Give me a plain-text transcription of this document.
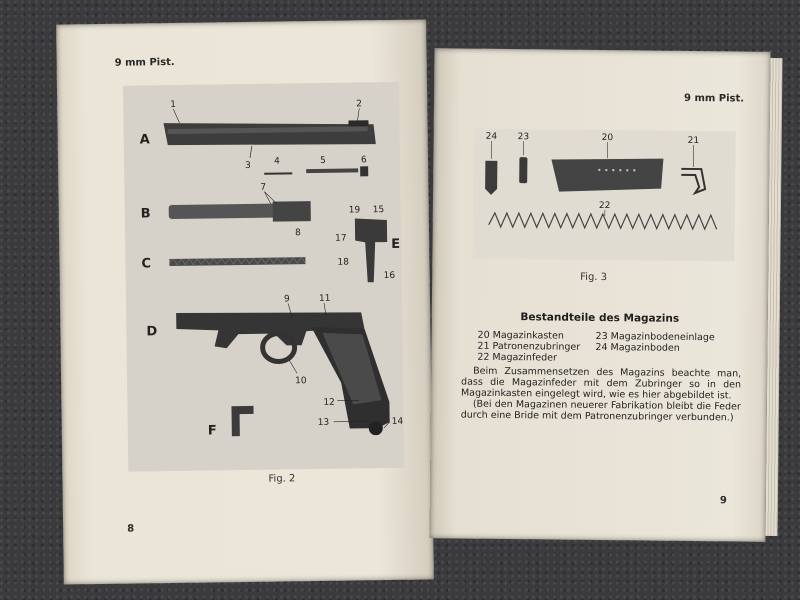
9 mm Pist.
A
B
C
D
E
F
1	2
3	4	5	6
7
8
9
10
11
12
13	14
15
16
17
18
19
Fig. 2
8
9 mm Pist.
24 23	20	21
22
Fig. 3
Bestandteile des Magazins
20 Magazinkasten
21 Patronenzubringer
22 Magazinfeder
23 Magazinbodeneinlage
24 Magazinboden

Beim Zusammensetzen des Magazins beachte man, dass die Magazinfeder mit dem Zubringer so in den Magazinkasten eingelegt wird, wie es hier abgebildet ist.

(Bei den Magazinen neuerer Fabrikation bleibt die Feder durch eine Bride mit dem Patronenzubringer verbunden.)

9
